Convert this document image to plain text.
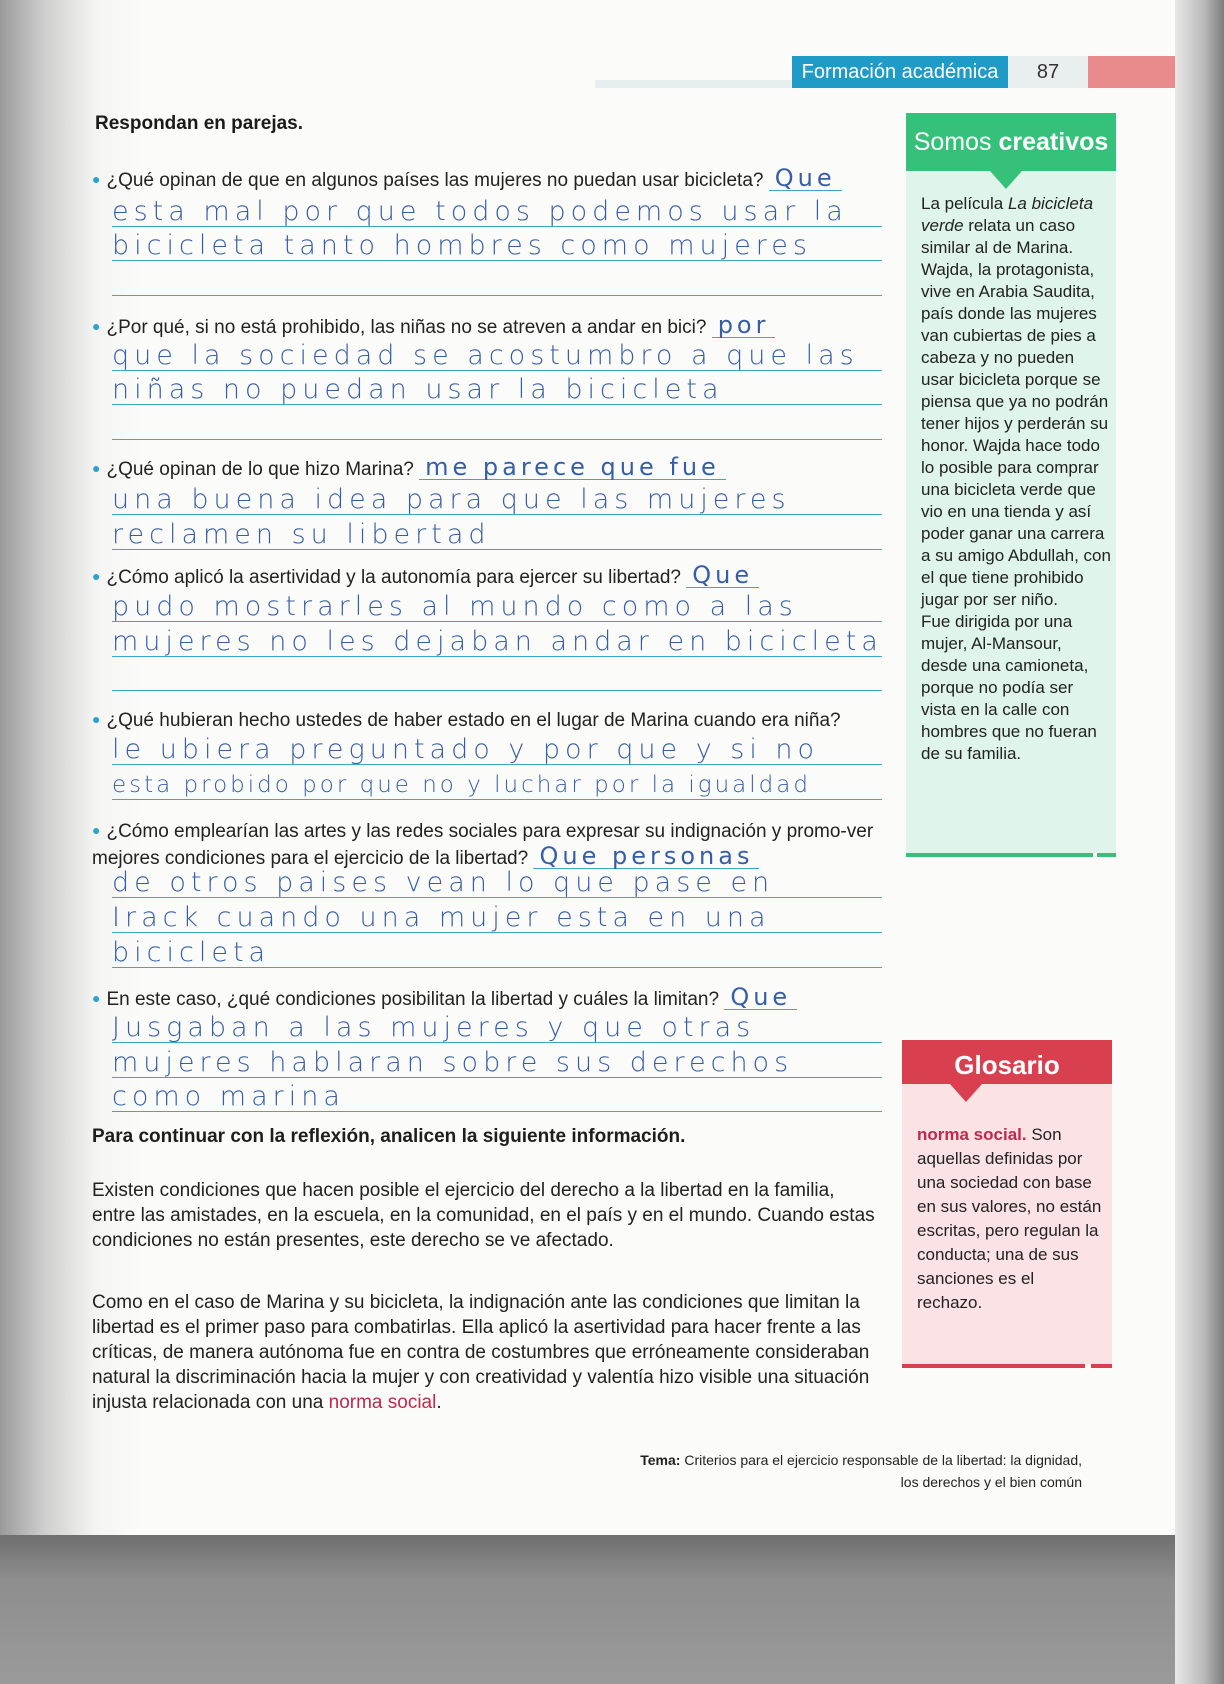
Formación académica	87
Respondan en parejas.
● ¿Qué opinan de que en algunos países las mujeres no puedan usar bicicleta? Que
esta mal por que todos podemos usar la
bicicleta tanto hombres como mujeres
● ¿Por qué, si no está prohibido, las niñas no se atreven a andar en bici? por
que la sociedad se acostumbro a que las
niñas no puedan usar la bicicleta
● ¿Qué opinan de lo que hizo Marina? me parece que fue
una buena idea para que las mujeres
reclamen su libertad
● ¿Cómo aplicó la asertividad y la autonomía para ejercer su libertad? Que
pudo mostrarles al mundo como a las
mujeres no les dejaban andar en bicicleta
● ¿Qué hubieran hecho ustedes de haber estado en el lugar de Marina cuando era niña?
le ubiera preguntado y por que y si no
esta probido por que no y luchar por la igualdad
● ¿Cómo emplearían las artes y las redes sociales para expresar su indignación y promo-ver mejores condiciones para el ejercicio de la libertad? Que personas
de otros paises vean lo que pase en
Irack cuando una mujer esta en una
bicicleta
● En este caso, ¿qué condiciones posibilitan la libertad y cuáles la limitan? Que
Jusgaban a las mujeres y que otras
mujeres hablaran sobre sus derechos
como marina
Para continuar con la reflexión, analicen la siguiente información.
Existen condiciones que hacen posible el ejercicio del derecho a la libertad en la familia, entre las amistades, en la escuela, en la comunidad, en el país y en el mundo. Cuando estas condiciones no están presentes, este derecho se ve afectado.
Como en el caso de Marina y su bicicleta, la indignación ante las condiciones que limitan la libertad es el primer paso para combatirlas. Ella aplicó la asertividad para hacer frente a las críticas, de manera autónoma fue en contra de costumbres que erróneamente consideraban natural la discriminación hacia la mujer y con creatividad y valentía hizo visible una situación injusta relacionada con una norma social.
Tema: Criterios para el ejercicio responsable de la libertad: la dignidad,
los derechos y el bien común
Somos creativos
La película La bicicleta verde relata un caso similar al de Marina. Wajda, la protagonista, vive en Arabia Saudita, país donde las mujeres van cubiertas de pies a cabeza y no pueden usar bicicleta porque se piensa que ya no podrán tener hijos y perderán su honor. Wajda hace todo lo posible para comprar una bicicleta verde que vio en una tienda y así poder ganar una carrera a su amigo Abdullah, con el que tiene prohibido jugar por ser niño.
Fue dirigida por una mujer, Al-Mansour, desde una camioneta, porque no podía ser vista en la calle con hombres que no fueran de su familia.
Glosario
norma social. Son aquellas definidas por una sociedad con base en sus valores, no están escritas, pero regulan la conducta; una de sus sanciones es el rechazo.
